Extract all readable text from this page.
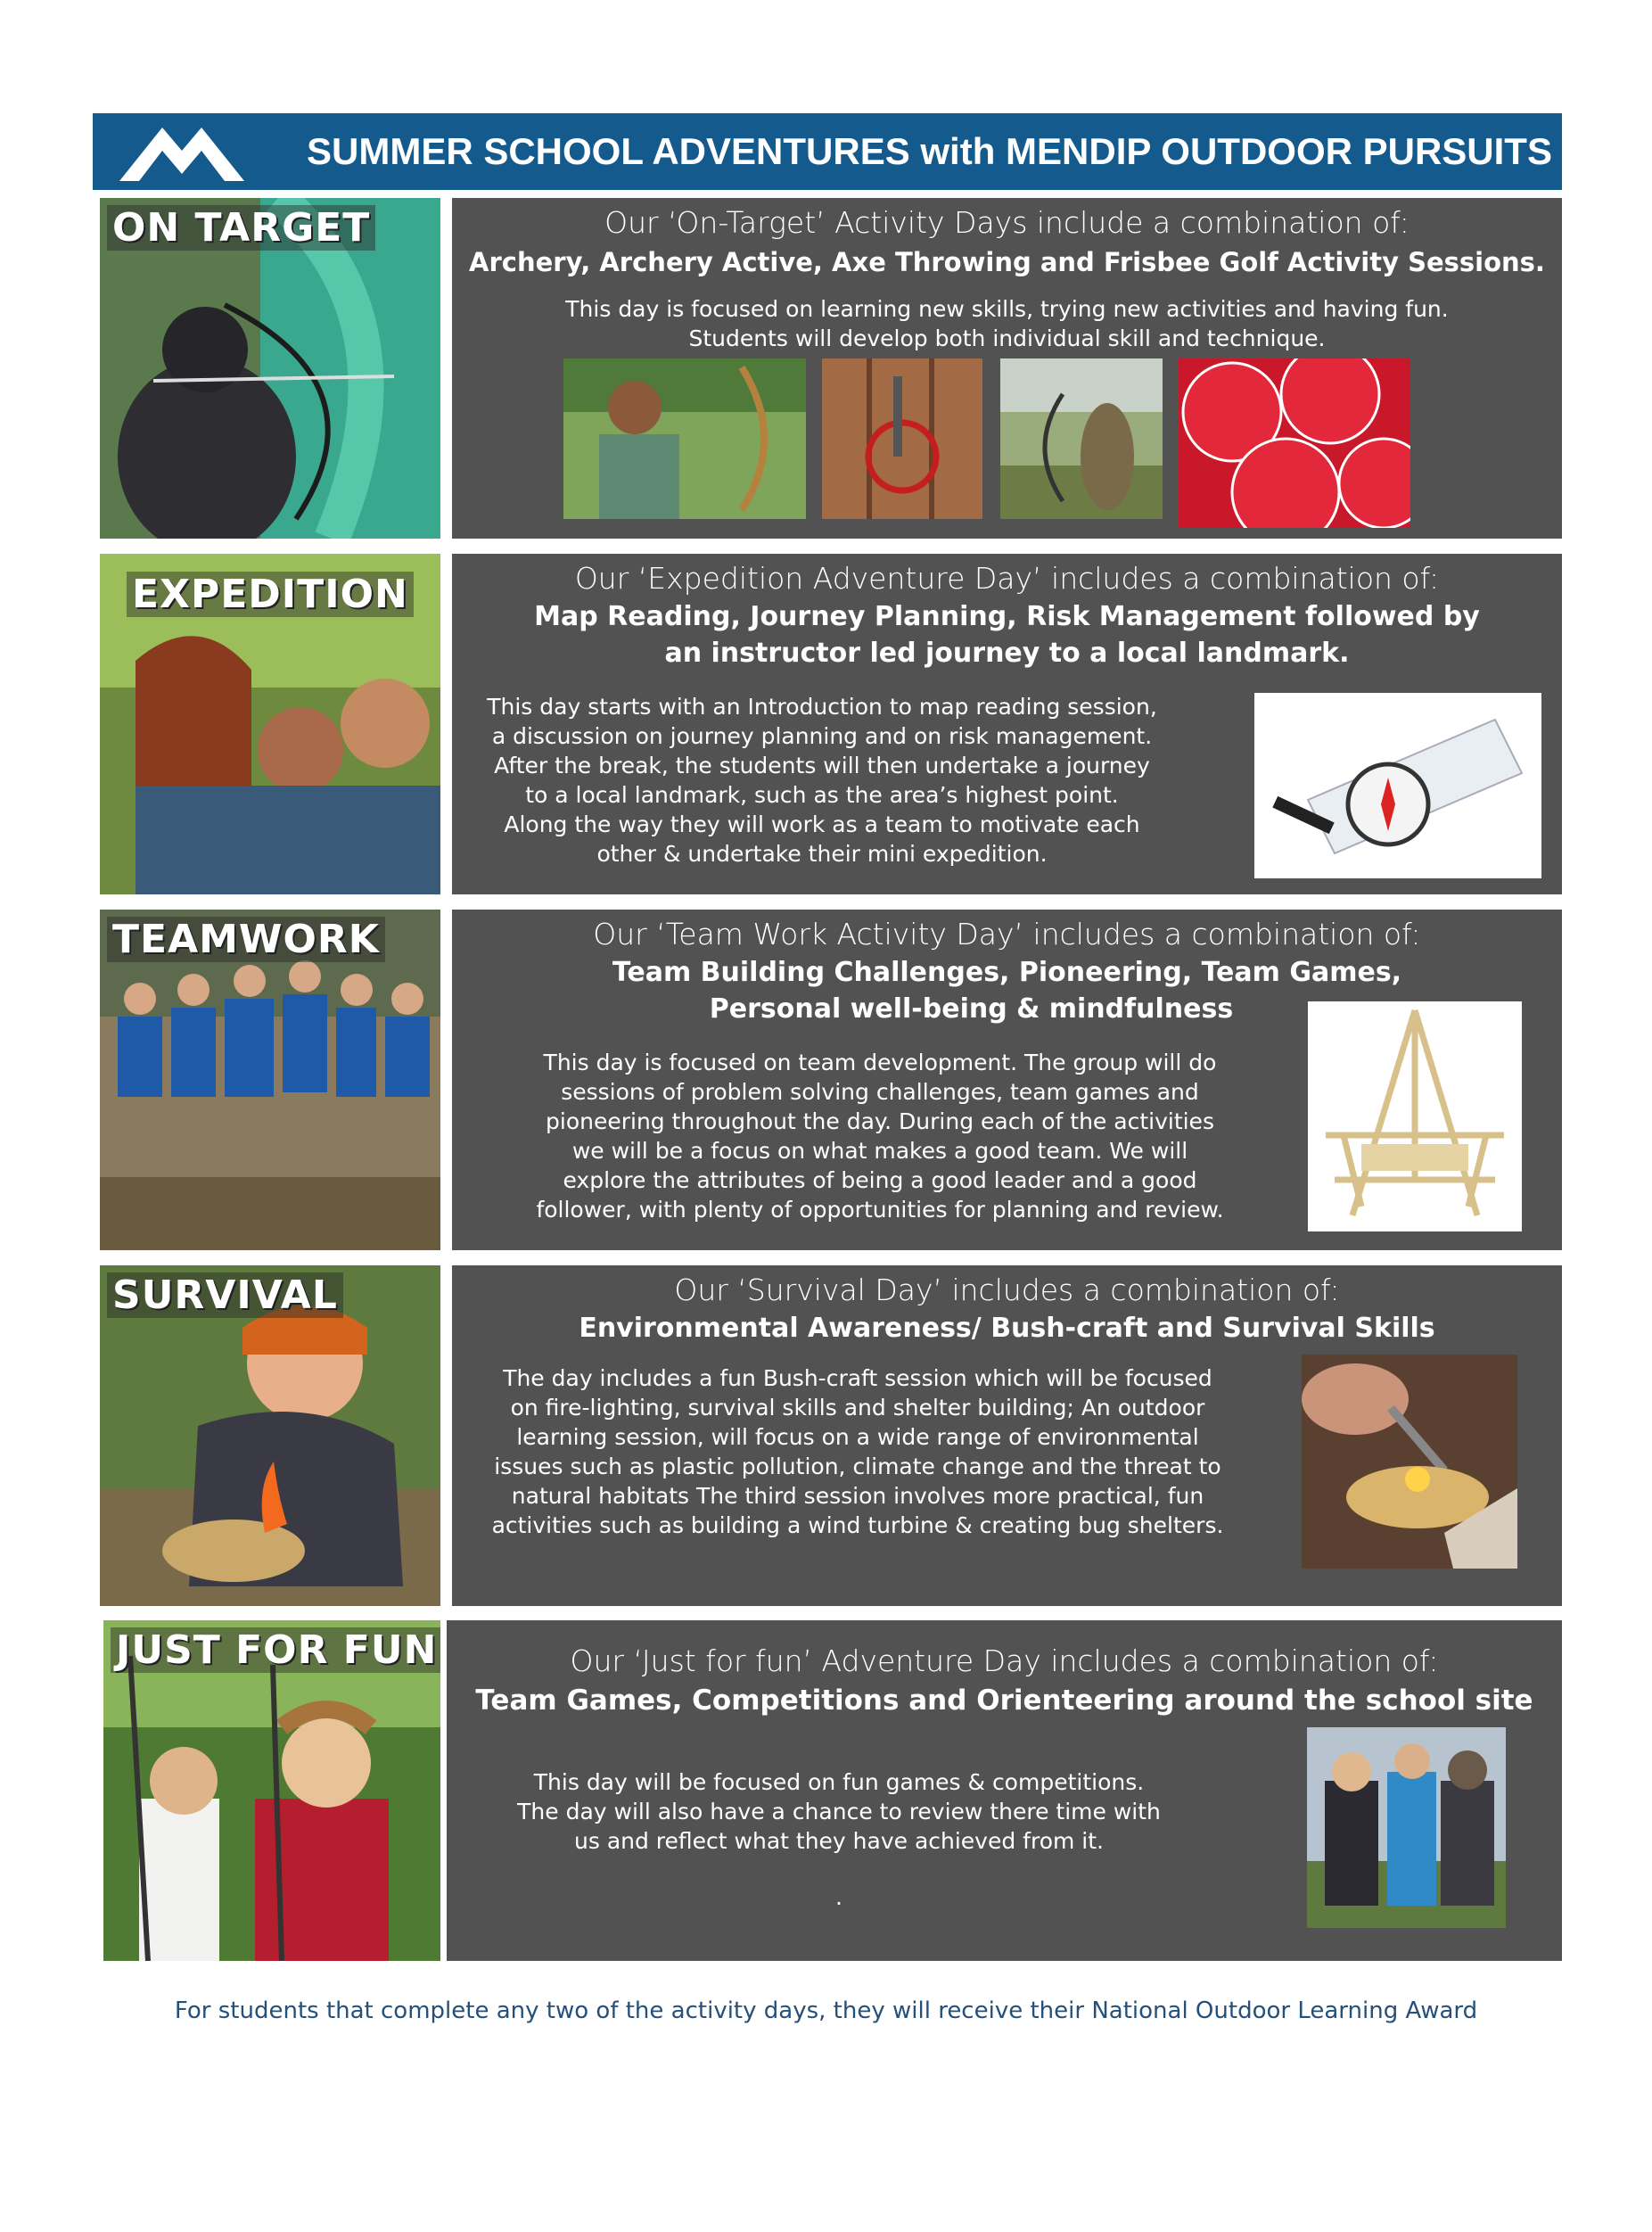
SUMMER SCHOOL ADVENTURES with MENDIP OUTDOOR PURSUITS
ON TARGET	Our ‘On-Target’ Activity Days include a combination of:
Archery, Archery Active, Axe Throwing and Frisbee Golf Activity Sessions.
This day is focused on learning new skills, trying new activities and having fun.
Students will develop both individual skill and technique.
EXPEDITION	Our ‘Expedition Adventure Day’ includes a combination of:
Map Reading, Journey Planning, Risk Management followed by
an instructor led journey to a local landmark.
This day starts with an Introduction to map reading session,
a discussion on journey planning and on risk management.
After the break, the students will then undertake a journey
to a local landmark, such as the area’s highest point.
Along the way they will work as a team to motivate each
other & undertake their mini expedition.
TEAMWORK	Our ‘Team Work Activity Day’ includes a combination of:
Team Building Challenges, Pioneering, Team Games,
Personal well-being & mindfulness
This day is focused on team development. The group will do
sessions of problem solving challenges, team games and
pioneering throughout the day. During each of the activities
we will be a focus on what makes a good team. We will
explore the attributes of being a good leader and a good
follower, with plenty of opportunities for planning and review.
SURVIVAL	Our ‘Survival Day’ includes a combination of:
Environmental Awareness/ Bush-craft and Survival Skills
The day includes a fun Bush-craft session which will be focused
on fire-lighting, survival skills and shelter building; An outdoor
learning session, will focus on a wide range of environmental
issues such as plastic pollution, climate change and the threat to
natural habitats The third session involves more practical, fun
activities such as building a wind turbine & creating bug shelters.
JUST FOR FUN	Our ‘Just for fun’ Adventure Day includes a combination of:
Team Games, Competitions and Orienteering around the school site
This day will be focused on fun games & competitions.
The day will also have a chance to review there time with
us and reflect what they have achieved from it.
.
For students that complete any two of the activity days, they will receive their National Outdoor Learning Award
